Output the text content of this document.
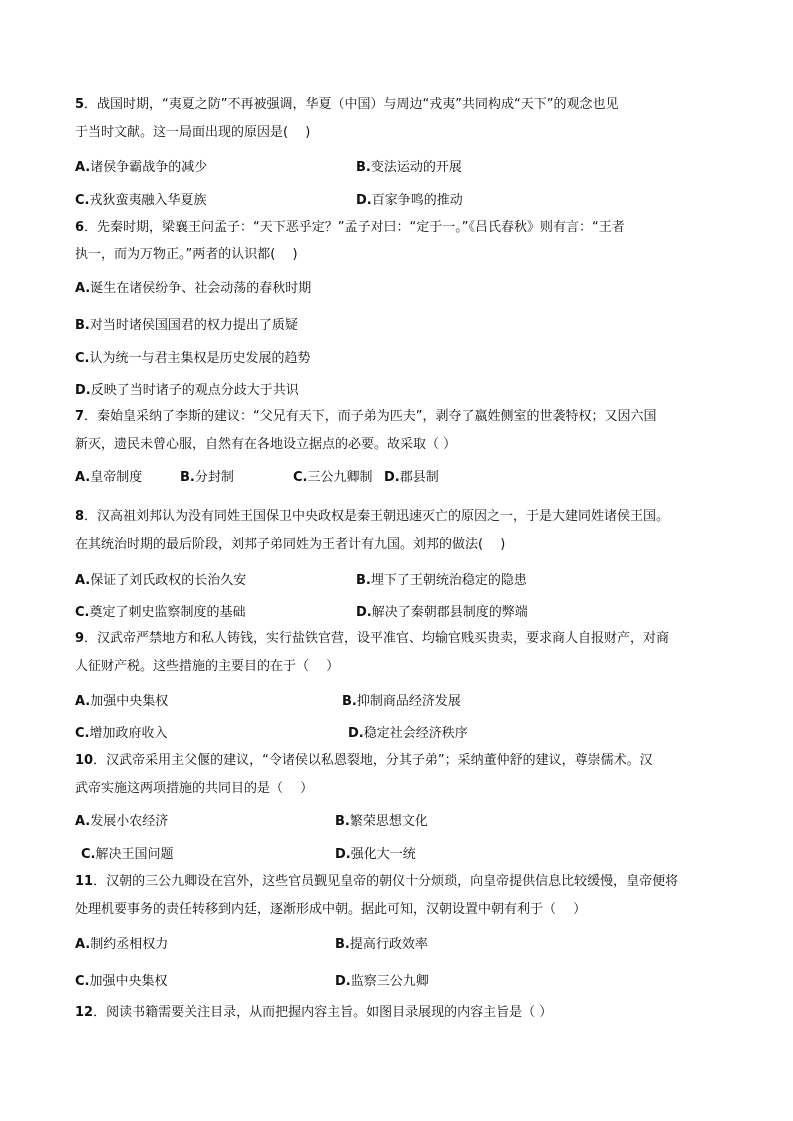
5．战国时期，“夷夏之防”不再被强调，华夏（中国）与周边“戎夷”共同构成“天下”的观念也见
于当时文献。这一局面出现的原因是(　 )
A.诸侯争霸战争的减少	B.变法运动的开展
C.戎狄蛮夷融入华夏族	D.百家争鸣的推动
6．先秦时期，梁襄王问孟子：“天下恶乎定？”孟子对曰：“定于一。”《吕氏春秋》则有言：“王者
执一，而为万物正。”两者的认识都(　 )
A.诞生在诸侯纷争、社会动荡的春秋时期
B.对当时诸侯国国君的权力提出了质疑
C.认为统一与君主集权是历史发展的趋势
D.反映了当时诸子的观点分歧大于共识
7．秦始皇采纳了李斯的建议：“父兄有天下，而子弟为匹夫”，剥夺了嬴姓侧室的世袭特权；又因六国
新灭，遗民未曾心服，自然有在各地设立据点的必要。故采取（ ）
A.皇帝制度	B.分封制	C.三公九卿制 D.郡县制
8．汉高祖刘邦认为没有同姓王国保卫中央政权是秦王朝迅速灭亡的原因之一，于是大建同姓诸侯王国。
在其统治时期的最后阶段，刘邦子弟同姓为王者计有九国。刘邦的做法(　 )
A.保证了刘氏政权的长治久安	B.埋下了王朝统治稳定的隐患
C.奠定了刺史监察制度的基础	D.解决了秦朝郡县制度的弊端
9．汉武帝严禁地方和私人铸钱，实行盐铁官营，设平准官、均输官贱买贵卖，要求商人自报财产，对商
人征财产税。这些措施的主要目的在于（　 ）
A.加强中央集权	B.抑制商品经济发展
C.增加政府收入	D.稳定社会经济秩序
10．汉武帝采用主父偃的建议，“令诸侯以私恩裂地，分其子弟”；采纳董仲舒的建议，尊崇儒术。汉
武帝实施这两项措施的共同目的是（　 ）
A.发展小农经济	B.繁荣思想文化
C.解决王国问题	D.强化大一统
11．汉朝的三公九卿设在宫外，这些官员觐见皇帝的朝仪十分烦琐，向皇帝提供信息比较缓慢，皇帝便将
处理机要事务的责任转移到内廷，逐渐形成中朝。据此可知，汉朝设置中朝有利于（　 ）
A.制约丞相权力	B.提高行政效率
C.加强中央集权	D.监察三公九卿
12．阅读书籍需要关注目录，从而把握内容主旨。如图目录展现的内容主旨是（ ）
